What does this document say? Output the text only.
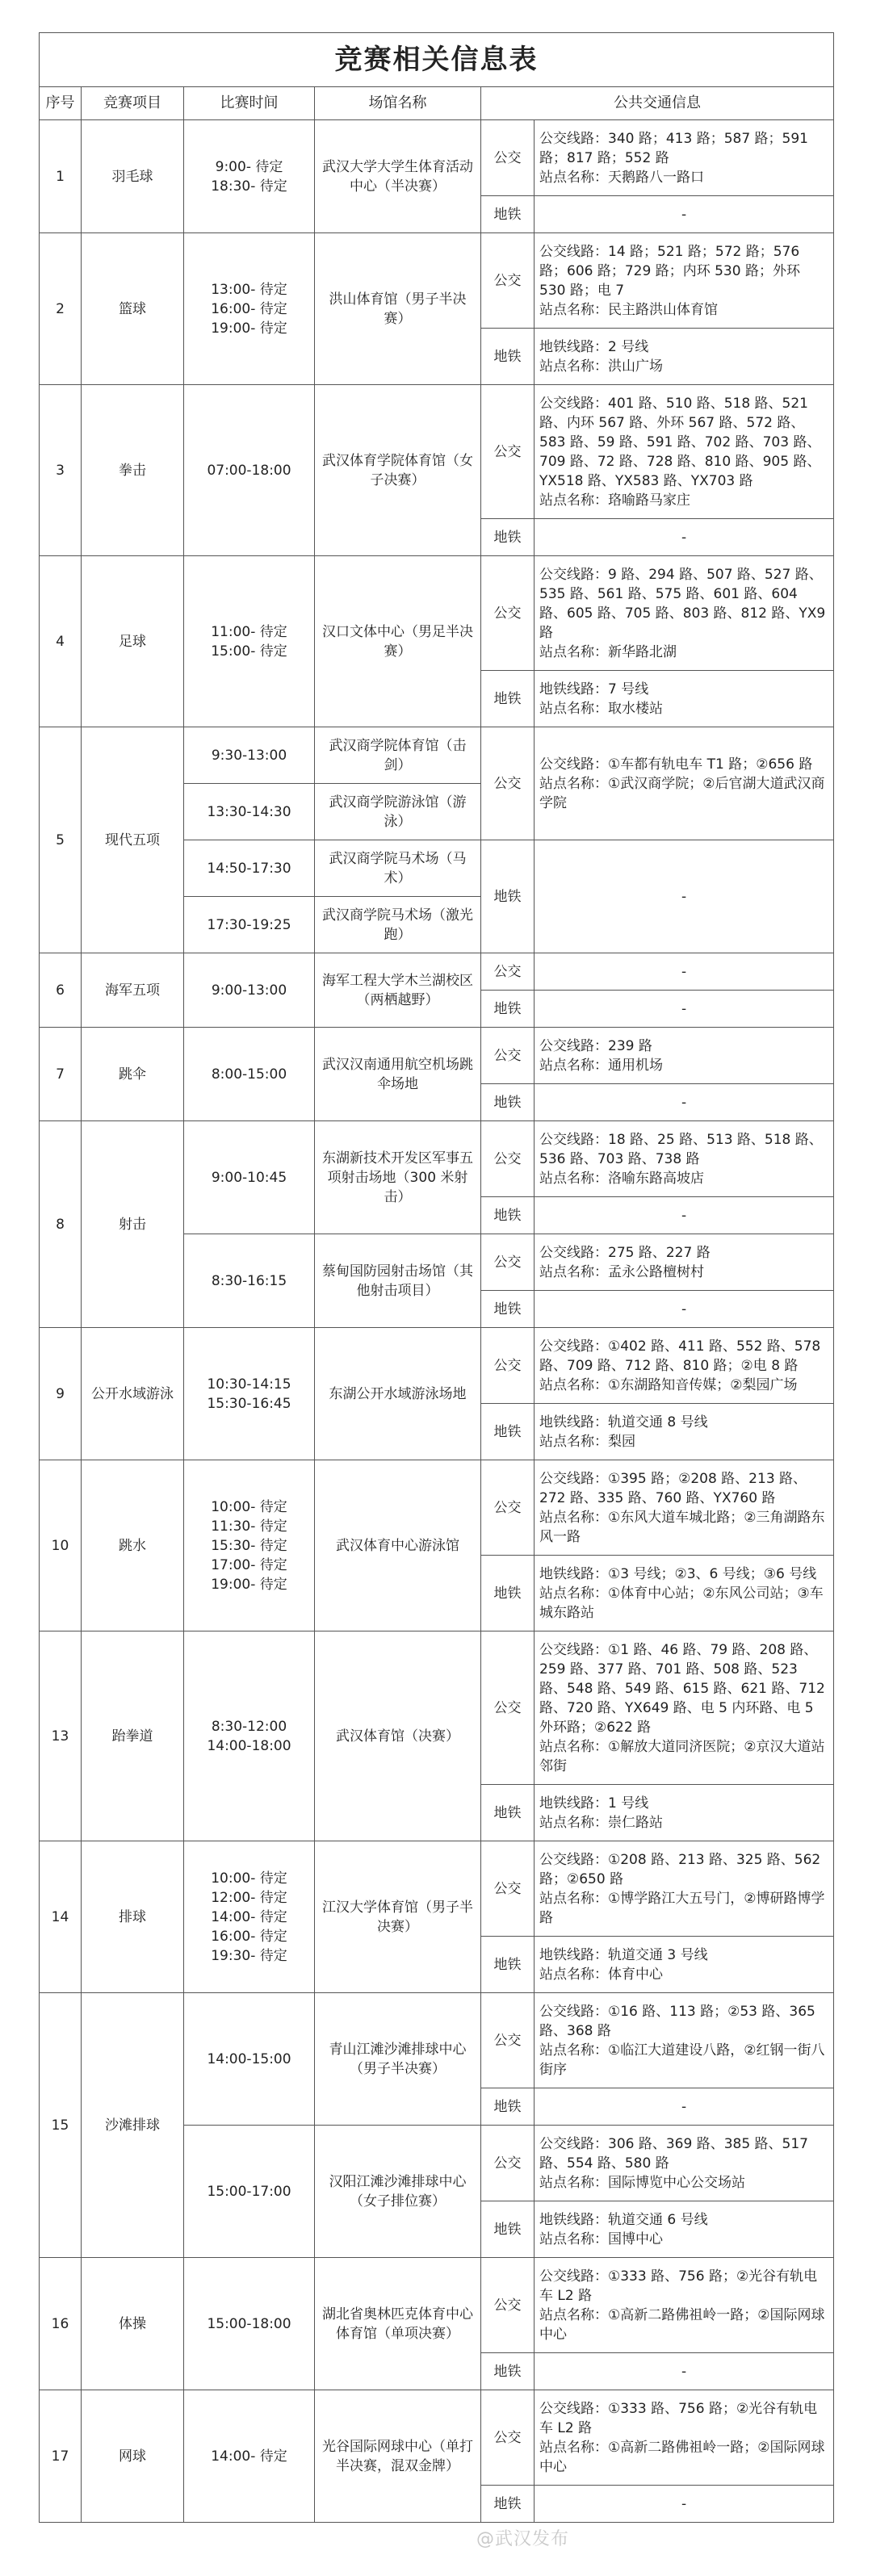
竞赛相关信息表					
序号	竞赛项目	比赛时间	场馆名称	公共交通信息	
1	羽毛球	9:00- 待定
18:30- 待定	武汉大学大学生体育活动中心（半决赛）	公交	公交线路：340 路；413 路；587 路；591 路；817 路；552 路
站点名称：天鹅路八一路口

				地铁	-
2	篮球	13:00- 待定
16:00- 待定
19:00- 待定	洪山体育馆（男子半决赛）	公交	公交线路：14 路；521 路；572 路；576 路；606 路；729 路；内环 530 路；外环 530 路；电 7
站点名称：民主路洪山体育馆

				地铁	地铁线路：2 号线
站点名称：洪山广场

3	拳击	07:00-18:00	武汉体育学院体育馆（女子决赛）	公交	公交线路：401 路、510 路、518 路、521 路、内环 567 路、外环 567 路、572 路、583 路、59 路、591 路、702 路、703 路、709 路、72 路、728 路、810 路、905 路、YX518 路、YX583 路、YX703 路
站点名称：珞喻路马家庄

				地铁	-
4	足球	11:00- 待定
15:00- 待定	汉口文体中心（男足半决赛）	公交	公交线路：9 路、294 路、507 路、527 路、535 路、561 路、575 路、601 路、604 路、605 路、705 路、803 路、812 路、YX9 路
站点名称：新华路北湖

				地铁	地铁线路：7 号线
站点名称：取水楼站

5	现代五项	9:30-13:00	武汉商学院体育馆（击剑）	公交	公交线路：①车都有轨电车 T1 路；②656 路
站点名称：①武汉商学院；②后官湖大道武汉商学院

		13:30-14:30	武汉商学院游泳馆（游泳）		
		14:50-17:30	武汉商学院马术场（马术）	地铁	-
		17:30-19:25	武汉商学院马术场（激光跑）		
6	海军五项	9:00-13:00	海军工程大学木兰湖校区（两栖越野）	公交	-
				地铁	-
7	跳伞	8:00-15:00	武汉汉南通用航空机场跳伞场地	公交	公交线路：239 路
站点名称：通用机场

				地铁	-
8	射击	9:00-10:45	东湖新技术开发区军事五项射击场地（300 米射击）	公交	公交线路：18 路、25 路、513 路、518 路、536 路、703 路、738 路
站点名称：洛喻东路高坡店

				地铁	-
		8:30-16:15	蔡甸国防园射击场馆（其他射击项目）	公交	公交线路：275 路、227 路
站点名称：孟永公路檀树村

				地铁	-
9	公开水域游泳	10:30-14:15
15:30-16:45	东湖公开水域游泳场地	公交	公交线路：①402 路、411 路、552 路、578 路、709 路、712 路、810 路；②电 8 路
站点名称：①东湖路知音传媒；②梨园广场

				地铁	地铁线路：轨道交通 8 号线
站点名称：梨园

10	跳水	10:00- 待定
11:30- 待定
15:30- 待定
17:00- 待定
19:00- 待定	武汉体育中心游泳馆	公交	公交线路：①395 路；②208 路、213 路、272 路、335 路、760 路、YX760 路
站点名称：①东风大道车城北路；②三角湖路东风一路

				地铁	地铁线路：①3 号线；②3、6 号线；③6 号线
站点名称：①体育中心站；②东风公司站；③车城东路站

13	跆拳道	8:30-12:00
14:00-18:00	武汉体育馆（决赛）	公交	公交线路：①1 路、46 路、79 路、208 路、259 路、377 路、701 路、508 路、523 路、548 路、549 路、615 路、621 路、712 路、720 路、YX649 路、电 5 内环路、电 5 外环路；②622 路
站点名称：①解放大道同济医院；②京汉大道站邻街

				地铁	地铁线路：1 号线
站点名称：崇仁路站

14	排球	10:00- 待定
12:00- 待定
14:00- 待定
16:00- 待定
19:30- 待定	江汉大学体育馆（男子半决赛）	公交	公交线路：①208 路、213 路、325 路、562 路；②650 路
站点名称：①博学路江大五号门，②博研路博学路

				地铁	地铁线路：轨道交通 3 号线
站点名称：体育中心

15	沙滩排球	14:00-15:00	青山江滩沙滩排球中心（男子半决赛）	公交	公交线路：①16 路、113 路；②53 路、365 路、368 路
站点名称：①临江大道建设八路，②红钢一街八街序

				地铁	-
		15:00-17:00	汉阳江滩沙滩排球中心（女子排位赛）	公交	公交线路：306 路、369 路、385 路、517 路、554 路、580 路
站点名称：国际博览中心公交场站

				地铁	地铁线路：轨道交通 6 号线
站点名称：国博中心

16	体操	15:00-18:00	湖北省奥林匹克体育中心体育馆（单项决赛）	公交	公交线路：①333 路、756 路；②光谷有轨电车 L2 路
站点名称：①高新二路佛祖岭一路；②国际网球中心

				地铁	-
17	网球	14:00- 待定	光谷国际网球中心（单打半决赛，混双金牌）	公交	公交线路：①333 路、756 路；②光谷有轨电车 L2 路
站点名称：①高新二路佛祖岭一路；②国际网球中心

				地铁	-
@武汉发布
